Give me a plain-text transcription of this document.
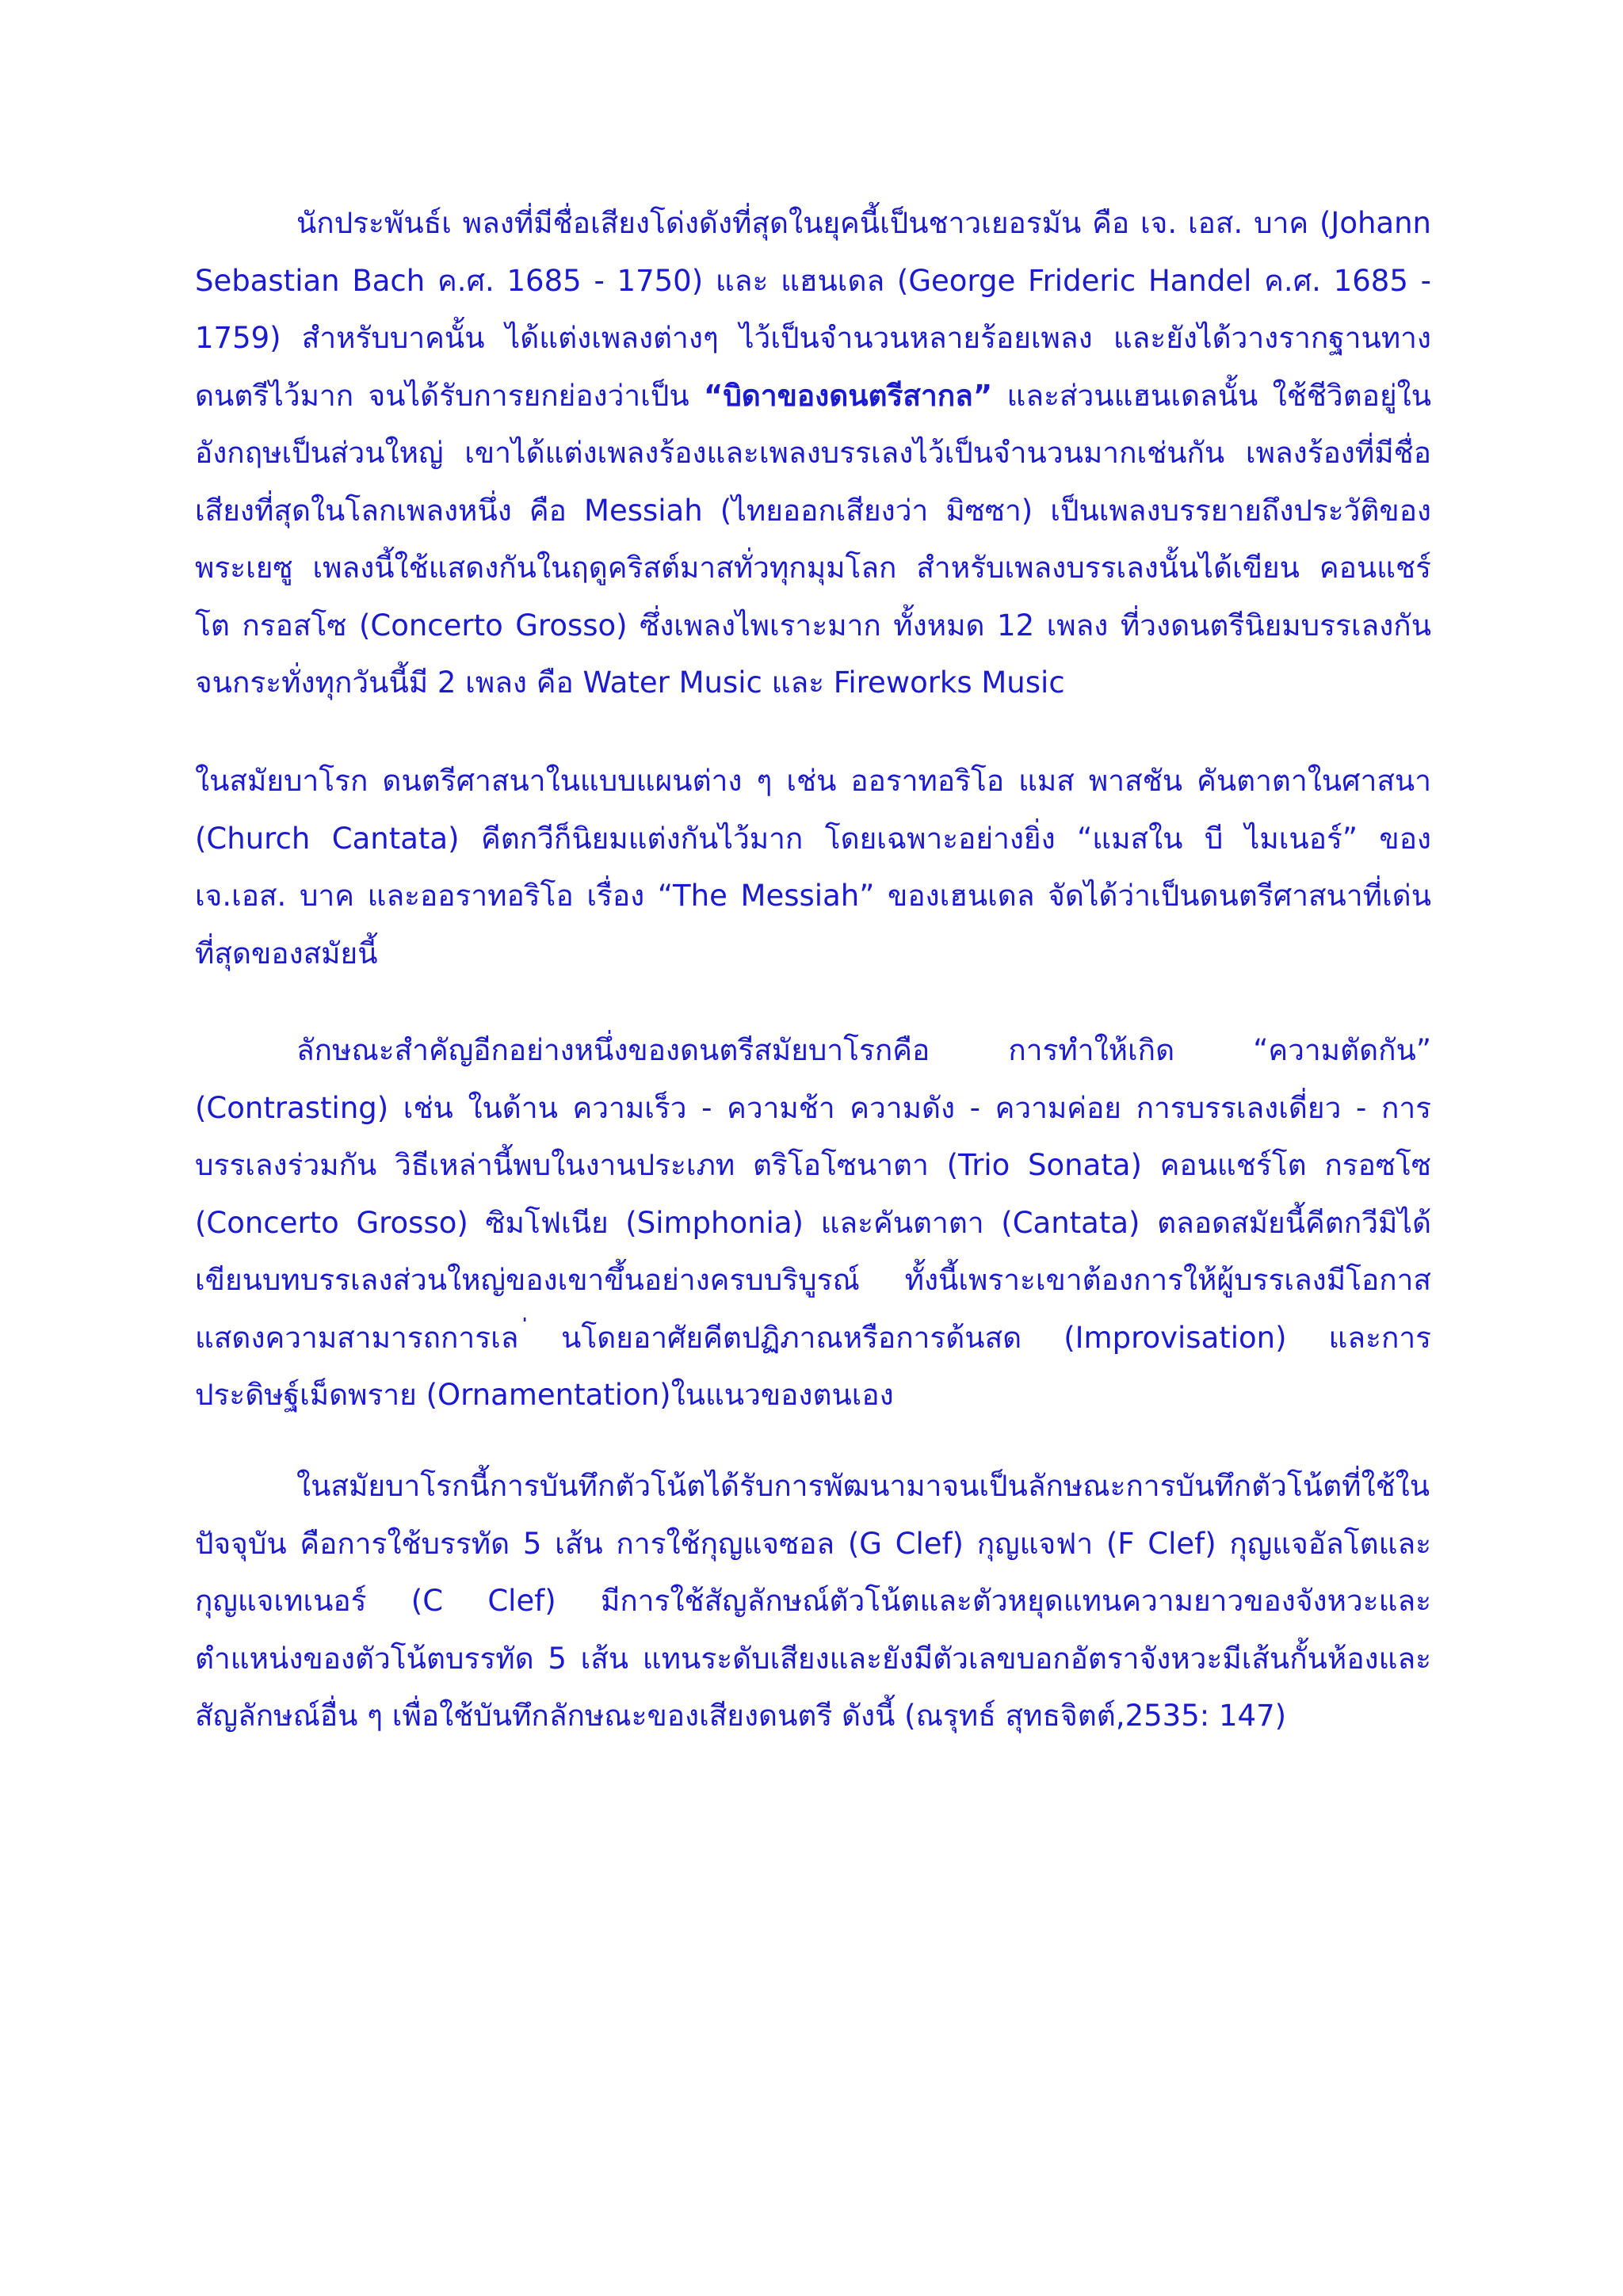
นักประพันธ์เ พลงที่มีชื่อเสียงโด่งดังที่สุดในยุคนี้เป็นชาวเยอรมัน คือ เจ. เอส. บาค (Johann Sebastian Bach ค.ศ. 1685 - 1750) และ แฮนเดล (George Frideric Handel ค.ศ. 1685 - 1759) สำหรับบาคนั้น ได้แต่งเพลงต่างๆ ไว้เป็นจำนวนหลายร้อยเพลง และยังได้วางรากฐานทางดนตรีไว้มาก จนได้รับการยกย่องว่าเป็น “บิดาของดนตรีสากล” และส่วนแฮนเดลนั้น ใช้ชีวิตอยู่ในอังกฤษเป็นส่วนใหญ่ เขาได้แต่งเพลงร้องและเพลงบรรเลงไว้เป็นจำนวนมากเช่นกัน เพลงร้องที่มีชื่อเสียงที่สุดในโลกเพลงหนึ่ง คือ Messiah (ไทยออกเสียงว่า มิซซา) เป็นเพลงบรรยายถึงประวัติของพระเยซู เพลงนี้ใช้แสดงกันในฤดูคริสต์มาสทั่วทุกมุมโลก สำหรับเพลงบรรเลงนั้นได้เขียน คอนแชร์โต กรอสโซ (Concerto Grosso) ซึ่งเพลงไพเราะมาก ทั้งหมด 12 เพลง ที่วงดนตรีนิยมบรรเลงกันจนกระทั่งทุกวันนี้มี 2 เพลง คือ Water Music และ Fireworks Music

ในสมัยบาโรก ดนตรีศาสนาในแบบแผนต่าง ๆ เช่น ออราทอริโอ แมส พาสชัน คันตาตาในศาสนา (Church Cantata) คีตกวีก็นิยมแต่งกันไว้มาก โดยเฉพาะอย่างยิ่ง “แมสใน บี ไมเนอร์” ของ เจ.เอส. บาค และออราทอริโอ เรื่อง “The Messiah” ของเฮนเดล จัดได้ว่าเป็นดนตรีศาสนาที่เด่นที่สุดของสมัยนี้

ลักษณะสำคัญอีกอย่างหนึ่งของดนตรีสมัยบาโรกคือ การทำให้เกิด “ความตัดกัน” (Contrasting) เช่น ในด้าน ความเร็ว - ความช้า ความดัง - ความค่อย การบรรเลงเดี่ยว - การบรรเลงร่วมกัน วิธีเหล่านี้พบในงานประเภท ตริโอโซนาตา (Trio Sonata) คอนแชร์โต กรอซโซ (Concerto Grosso) ซิมโฟเนีย (Simphonia) และคันตาตา (Cantata) ตลอดสมัยนี้คีตกวีมิได้เขียนบทบรรเลงส่วนใหญ่ของเขาขึ้นอย่างครบบริบูรณ์ ทั้งนี้เพราะเขาต้องการให้ผู้บรรเลงมีโอกาสแสดงความสามารถการเล ่นโดยอาศัยคีตปฏิภาณหรือการด้นสด (Improvisation) และการประดิษฐ์เม็ดพราย (Ornamentation)ในแนวของตนเอง

ในสมัยบาโรกนี้การบันทึกตัวโน้ตได้รับการพัฒนามาจนเป็นลักษณะการบันทึกตัวโน้ตที่ใช้ในปัจจุบัน คือการใช้บรรทัด 5 เส้น การใช้กุญแจซอล (G Clef) กุญแจฟา (F Clef) กุญแจอัลโตและกุญแจเทเนอร์ (C Clef) มีการใช้สัญลักษณ์ตัวโน้ตและตัวหยุดแทนความยาวของจังหวะและตำแหน่งของตัวโน้ตบรรทัด 5 เส้น แทนระดับเสียงและยังมีตัวเลขบอกอัตราจังหวะมีเส้นกั้นห้องและสัญลักษณ์อื่น ๆ เพื่อใช้บันทึกลักษณะของเสียงดนตรี ดังนี้ (ณรุทธ์ สุทธจิตต์,2535: 147)
